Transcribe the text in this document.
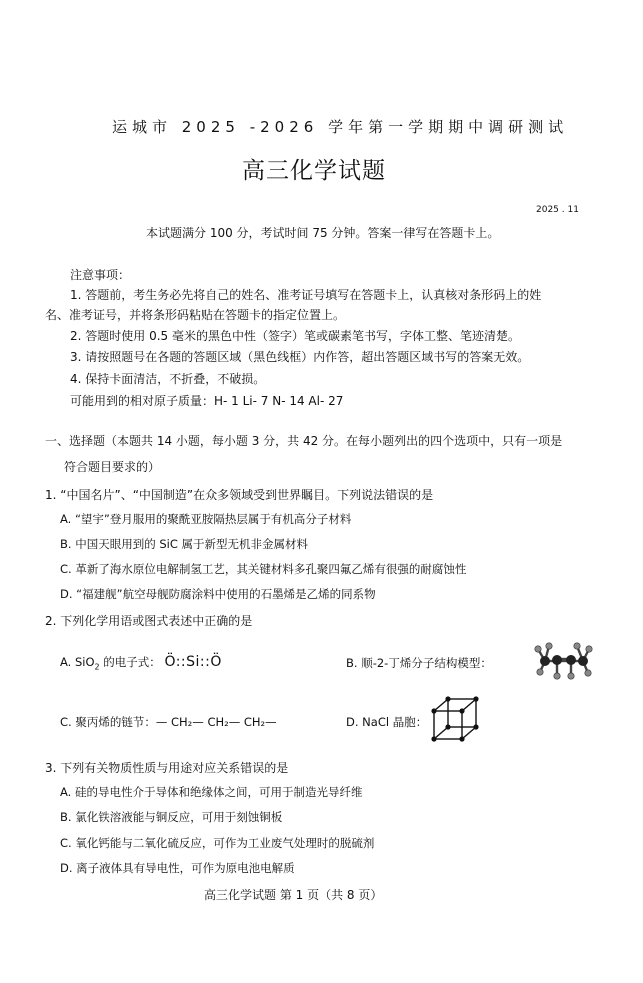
运城市 2025 -2026 学年第一学期期中调研测试
高三化学试题
2025 . 11
本试题满分 100 分，考试时间 75 分钟。答案一律写在答题卡上。
注意事项：
1. 答题前，考生务必先将自己的姓名、准考证号填写在答题卡上，认真核对条形码上的姓
名、准考证号，并将条形码粘贴在答题卡的指定位置上。
2. 答题时使用 0.5 毫米的黑色中性（签字）笔或碳素笔书写，字体工整、笔迹清楚。
3. 请按照题号在各题的答题区域（黑色线框）内作答，超出答题区域书写的答案无效。
4. 保持卡面清洁，不折叠，不破损。
可能用到的相对原子质量：H- 1 Li- 7 N- 14 Al- 27
一、选择题（本题共 14 小题，每小题 3 分，共 42 分。在每小题列出的四个选项中，只有一项是
符合题目要求的）
1. “中国名片”、“中国制造”在众多领域受到世界瞩目。下列说法错误的是
A. “望宇”登月服用的聚酰亚胺隔热层属于有机高分子材料
B. 中国天眼用到的 SiC 属于新型无机非金属材料
C. 革新了海水原位电解制氢工艺，其关键材料多孔聚四氟乙烯有很强的耐腐蚀性
D. “福建舰”航空母舰防腐涂料中使用的石墨烯是乙烯的同系物
2. 下列化学用语或图式表述中正确的是
A. SiO$_2$ 的电子式： Ö::Si::Ö	B. 顺-2-丁烯分子结构模型：
C. 聚丙烯的链节：— CH₂— CH₂— CH₂—	D. NaCl 晶胞：
3. 下列有关物质性质与用途对应关系错误的是
A. 硅的导电性介于导体和绝缘体之间，可用于制造光导纤维
B. 氯化铁溶液能与铜反应，可用于刻蚀铜板
C. 氧化钙能与二氧化硫反应，可作为工业废气处理时的脱硫剂
D. 离子液体具有导电性，可作为原电池电解质
高三化学试题 第 1 页（共 8 页）
